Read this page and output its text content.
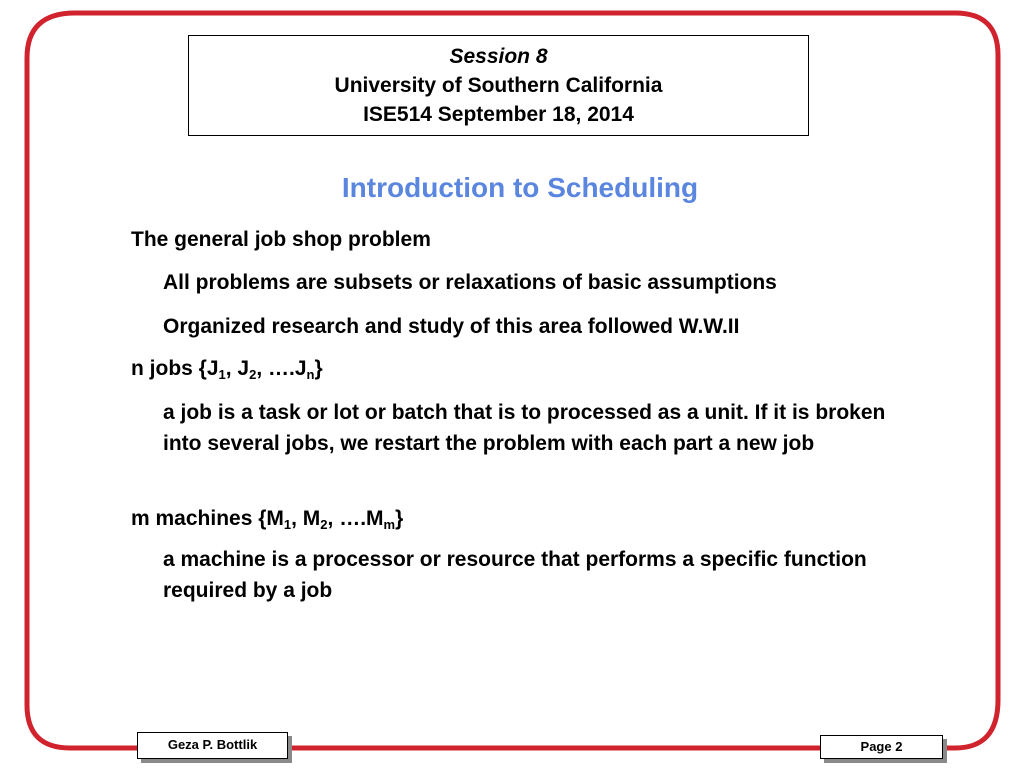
Session 8
University of Southern California
ISE514 September 18, 2014
Introduction to Scheduling
The general job shop problem
All problems are subsets or relaxations of basic assumptions
Organized research and study of this area followed W.W.II
n jobs {$J_1$, $J_2$, $\dots.J_n$}
a job is a task or lot or batch that is to processed as a unit. If it is broken into several jobs, we restart the problem with each part a new job
m machines {$M_1$, $M_2$, $\dots.M_m$}
a machine is a processor or resource that performs a specific function required by a job
Geza P. Bottlik	Page 2
